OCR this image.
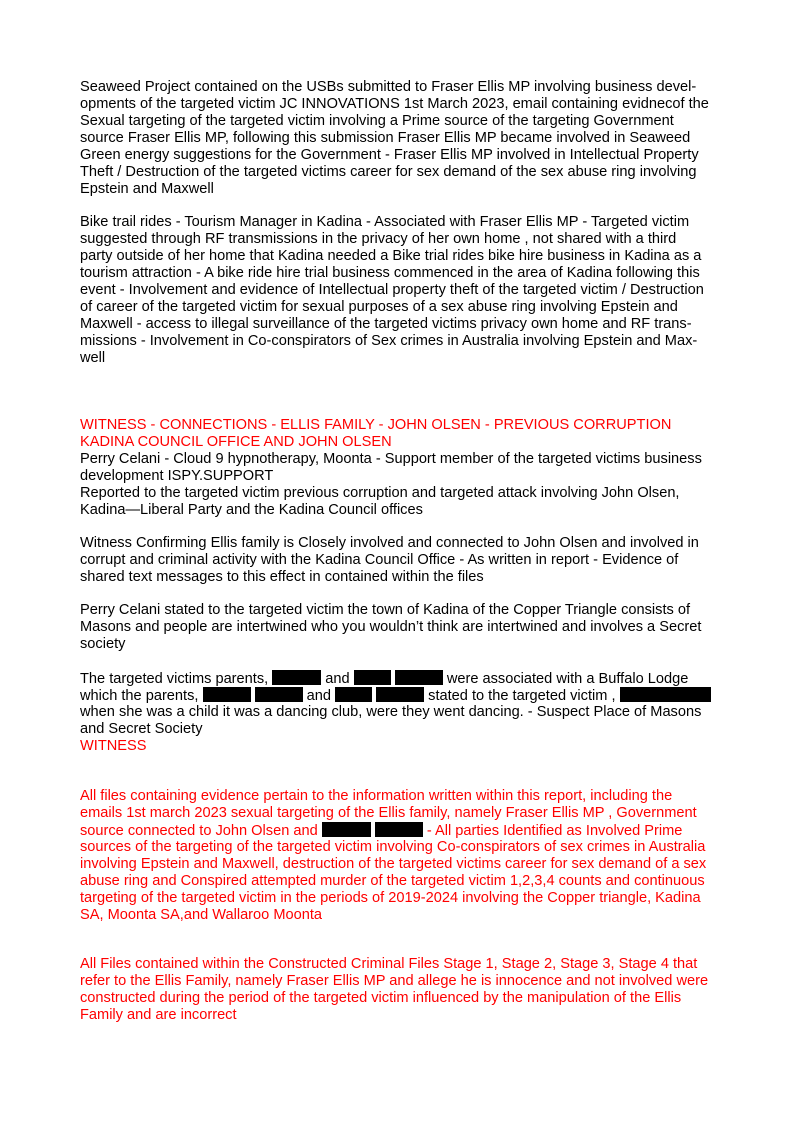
Seaweed Project contained on the USBs submitted to Fraser Ellis MP involving business devel-
opments of the targeted victim JC INNOVATIONS 1st March 2023, email containing evidnecof the
Sexual targeting of the targeted victim involving a Prime source of the targeting Government
source Fraser Ellis MP, following this submission Fraser Ellis MP became involved in Seaweed
Green energy suggestions for the Government - Fraser Ellis MP involved in Intellectual Property
Theft / Destruction of the targeted victims career for sex demand of the sex abuse ring involving
Epstein and Maxwell
Bike trail rides - Tourism Manager in Kadina - Associated with Fraser Ellis MP - Targeted victim
suggested through RF transmissions in the privacy of her own home , not shared with a third
party outside of her home that Kadina needed a Bike trial rides bike hire business in Kadina as a
tourism attraction - A bike ride hire trial business commenced in the area of Kadina following this
event - Involvement and evidence of Intellectual property theft of the targeted victim / Destruction
of career of the targeted victim for sexual purposes of a sex abuse ring involving Epstein and
Maxwell - access to illegal surveillance of the targeted victims privacy own home and RF trans-
missions - Involvement in Co-conspirators of Sex crimes in Australia involving Epstein and Max-
well
WITNESS - CONNECTIONS - ELLIS FAMILY - JOHN OLSEN - PREVIOUS CORRUPTION
KADINA COUNCIL OFFICE AND JOHN OLSEN
Perry Celani - Cloud 9 hypnotherapy, Moonta - Support member of the targeted victims business
development ISPY.SUPPORT
Reported to the targeted victim previous corruption and targeted attack involving John Olsen,
Kadina—Liberal Party and the Kadina Council offices
Witness Confirming Ellis family is Closely involved and connected to John Olsen and involved in
corrupt and criminal activity with the Kadina Council Office - As written in report - Evidence of
shared text messages to this effect in contained within the files
Perry Celani stated to the targeted victim the town of Kadina of the Copper Triangle consists of
Masons and people are intertwined who you wouldn’t think are intertwined and involves a Secret
society
The targeted victims parents,	and	were associated with a Buffalo Lodge
which the parents,	and	stated to the targeted victim ,
when she was a child it was a dancing club, were they went dancing. - Suspect Place of Masons
and Secret Society
WITNESS
All files containing evidence pertain to the information written within this report, including the
emails 1st march 2023 sexual targeting of the Ellis family, namely Fraser Ellis MP , Government
source connected to John Olsen and	- All parties Identified as Involved Prime
sources of the targeting of the targeted victim involving Co-conspirators of sex crimes in Australia
involving Epstein and Maxwell, destruction of the targeted victims career for sex demand of a sex
abuse ring and Conspired attempted murder of the targeted victim 1,2,3,4 counts and continuous
targeting of the targeted victim in the periods of 2019-2024 involving the Copper triangle, Kadina
SA, Moonta SA,and Wallaroo Moonta
All Files contained within the Constructed Criminal Files Stage 1, Stage 2, Stage 3, Stage 4 that
refer to the Ellis Family, namely Fraser Ellis MP and allege he is innocence and not involved were
constructed during the period of the targeted victim influenced by the manipulation of the Ellis
Family and are incorrect
